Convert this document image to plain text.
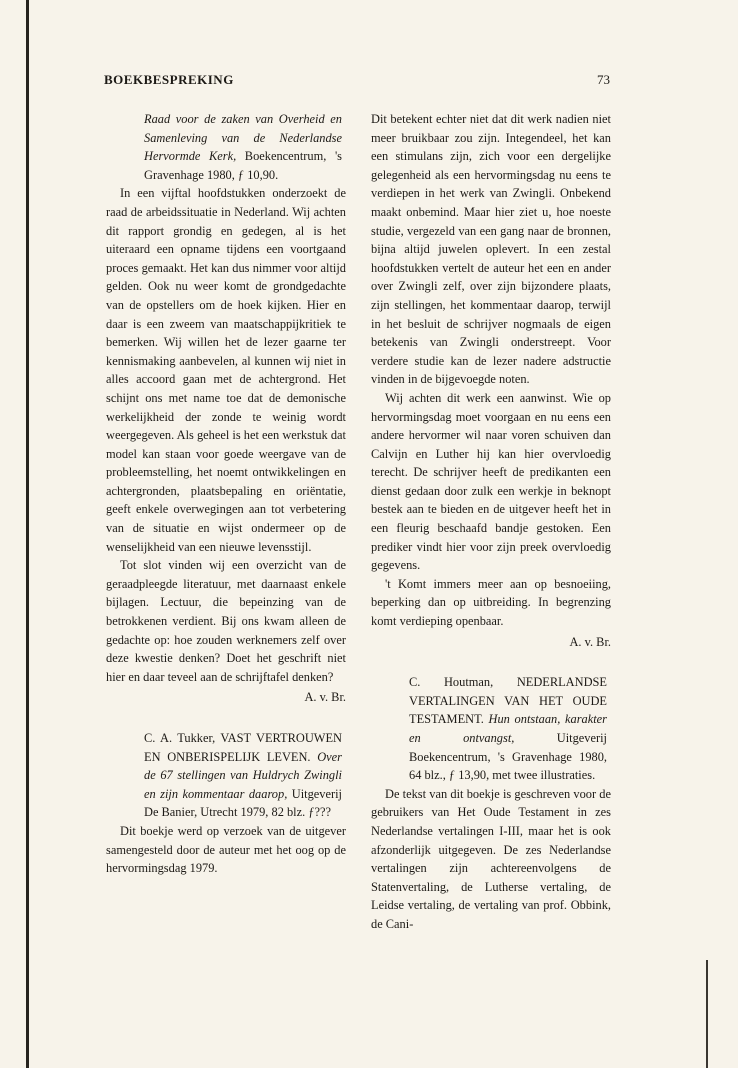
BOEKBESPREKING	73

Raad voor de zaken van Overheid en Samenleving van de Nederlandse Hervormde Kerk, Boekencentrum, 's Gravenhage 1980, ƒ 10,90.

In een vijftal hoofdstukken onderzoekt de raad de arbeidssituatie in Nederland. Wij achten dit rapport grondig en gedegen, al is het uiteraard een opname tijdens een voortgaand proces gemaakt. Het kan dus nimmer voor altijd gelden. Ook nu weer komt de grondgedachte van de opstellers om de hoek kijken. Hier en daar is een zweem van maatschappijkritiek te bemerken. Wij willen het de lezer gaarne ter kennismaking aanbevelen, al kunnen wij niet in alles accoord gaan met de achtergrond. Het schijnt ons met name toe dat de demonische werkelijkheid der zonde te weinig wordt weergegeven. Als geheel is het een werkstuk dat model kan staan voor goede weergave van de probleemstelling, het noemt ontwikkelingen en achtergronden, plaatsbepaling en oriëntatie, geeft enkele overwegingen aan tot verbetering van de situatie en wijst ondermeer op de wenselijkheid van een nieuwe levensstijl.

Tot slot vinden wij een overzicht van de geraadpleegde literatuur, met daarnaast enkele bijlagen. Lectuur, die bepeinzing van de betrokkenen verdient. Bij ons kwam alleen de gedachte op: hoe zouden werknemers zelf over deze kwestie denken? Doet het geschrift niet hier en daar teveel aan de schrijftafel denken?

A. v. Br.

C. A. Tukker, VAST VERTROUWEN EN ONBERISPELIJK LEVEN. Over de 67 stellingen van Huldrych Zwingli en zijn kommentaar daarop, Uitgeverij De Banier, Utrecht 1979, 82 blz. ƒ???

Dit boekje werd op verzoek van de uitgever samengesteld door de auteur met het oog op de hervormingsdag 1979.

Dit betekent echter niet dat dit werk nadien niet meer bruikbaar zou zijn. Integendeel, het kan een stimulans zijn, zich voor een dergelijke gelegenheid als een hervormingsdag nu eens te verdiepen in het werk van Zwingli. Onbekend maakt onbemind. Maar hier ziet u, hoe noeste studie, vergezeld van een gang naar de bronnen, bijna altijd juwelen oplevert. In een zestal hoofdstukken vertelt de auteur het een en ander over Zwingli zelf, over zijn bijzondere plaats, zijn stellingen, het kommentaar daarop, terwijl in het besluit de schrijver nogmaals de eigen betekenis van Zwingli onderstreept. Voor verdere studie kan de lezer nadere adstructie vinden in de bijgevoegde noten.

Wij achten dit werk een aanwinst. Wie op hervormingsdag moet voorgaan en nu eens een andere hervormer wil naar voren schuiven dan Calvijn en Luther hij kan hier overvloedig terecht. De schrijver heeft de predikanten een dienst gedaan door zulk een werkje in beknopt bestek aan te bieden en de uitgever heeft het in een fleurig beschaafd bandje gestoken. Een prediker vindt hier voor zijn preek overvloedig gegevens.

't Komt immers meer aan op besnoeiing, beperking dan op uitbreiding. In begrenzing komt verdieping openbaar.

A. v. Br.

C. Houtman, NEDERLANDSE VERTALINGEN VAN HET OUDE TESTAMENT. Hun ontstaan, karakter en ontvangst, Uitgeverij Boekencentrum, 's Gravenhage 1980, 64 blz., ƒ 13,90, met twee illustraties.

De tekst van dit boekje is geschreven voor de gebruikers van Het Oude Testament in zes Nederlandse vertalingen I-III, maar het is ook afzonderlijk uitgegeven. De zes Nederlandse vertalingen zijn achtereenvolgens de Statenvertaling, de Lutherse vertaling, de Leidse vertaling, de vertaling van prof. Obbink, de Cani-
